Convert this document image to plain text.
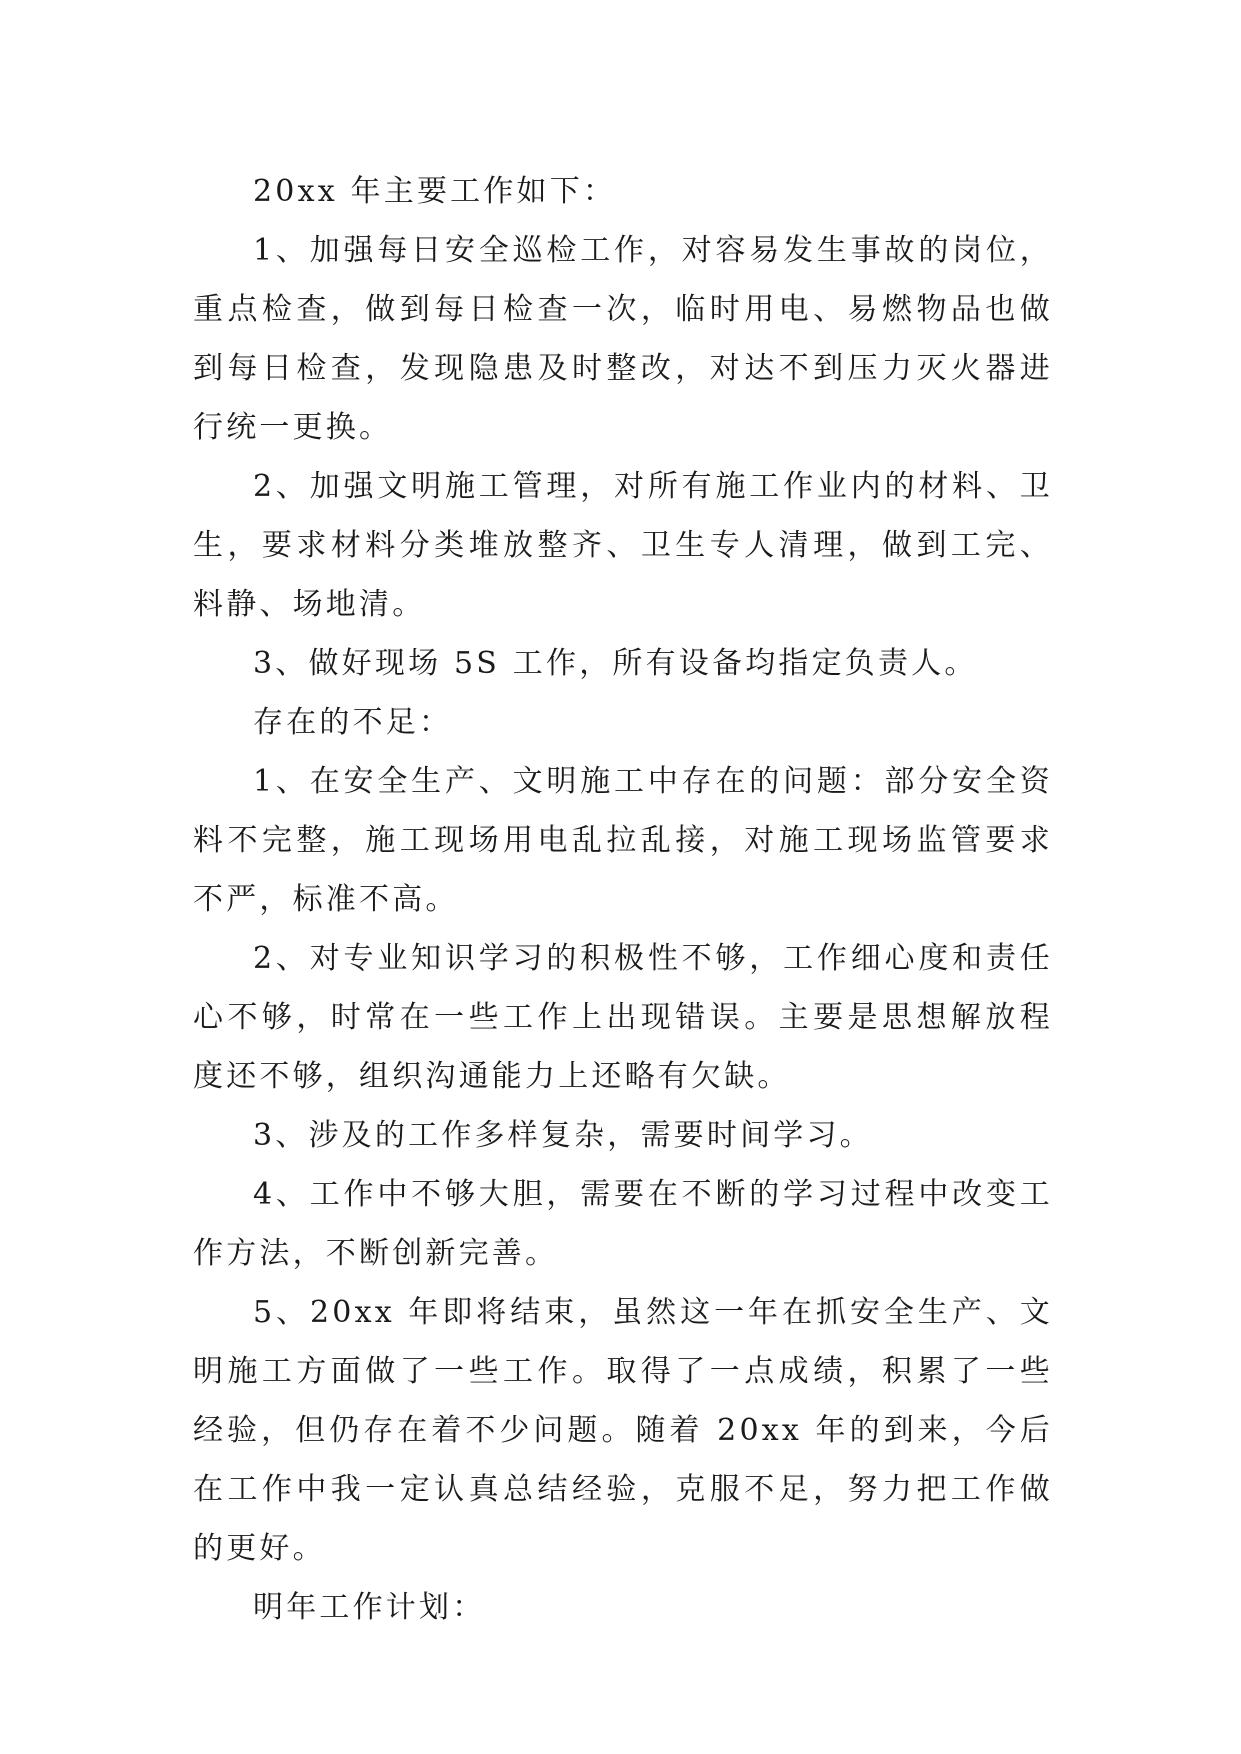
20xx 年主要工作如下：

1、加强每日安全巡检工作，对容易发生事故的岗位，重点检查，做到每日检查一次，临时用电、易燃物品也做到每日检查，发现隐患及时整改，对达不到压力灭火器进行统一更换。

2、加强文明施工管理，对所有施工作业内的材料、卫生，要求材料分类堆放整齐、卫生专人清理，做到工完、料静、场地清。

3、做好现场 5S 工作，所有设备均指定负责人。

存在的不足：

1、在安全生产、文明施工中存在的问题：部分安全资料不完整，施工现场用电乱拉乱接，对施工现场监管要求不严，标准不高。

2、对专业知识学习的积极性不够，工作细心度和责任心不够，时常在一些工作上出现错误。主要是思想解放程度还不够，组织沟通能力上还略有欠缺。

3、涉及的工作多样复杂，需要时间学习。

4、工作中不够大胆，需要在不断的学习过程中改变工作方法，不断创新完善。

5、20xx 年即将结束，虽然这一年在抓安全生产、文明施工方面做了一些工作。取得了一点成绩，积累了一些经验，但仍存在着不少问题。随着 20xx 年的到来，今后在工作中我一定认真总结经验，克服不足，努力把工作做的更好。

明年工作计划：
